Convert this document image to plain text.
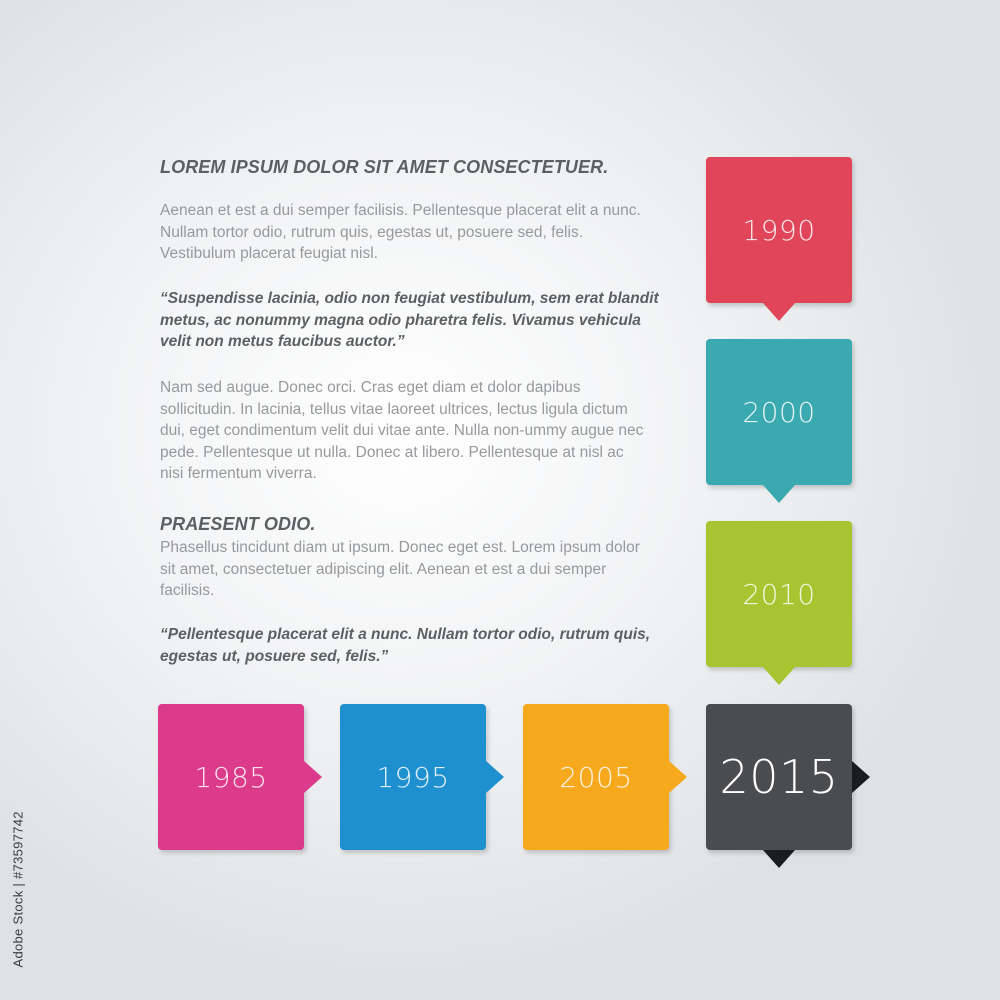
LOREM IPSUM DOLOR SIT AMET CONSECTETUER.
Aenean et est a dui semper facilisis. Pellentesque placerat elit a nunc. Nullam tortor odio, rutrum quis, egestas ut, posuere sed, felis. Vestibulum placerat feugiat nisl.
“Suspendisse lacinia, odio non feugiat vestibulum, sem erat blandit metus, ac nonummy magna odio pharetra felis. Vivamus vehicula velit non metus faucibus auctor.”
Nam sed augue. Donec orci. Cras eget diam et dolor dapibus sollicitudin. In lacinia, tellus vitae laoreet ultrices, lectus ligula dictum dui, eget condimentum velit dui vitae ante. Nulla non-ummy augue nec pede. Pellentesque ut nulla. Donec at libero. Pellentesque at nisl ac nisi fermentum viverra.
PRAESENT ODIO.
Phasellus tincidunt diam ut ipsum. Donec eget est. Lorem ipsum dolor sit amet, consectetuer adipiscing elit. Aenean et est a dui semper facilisis.
“Pellentesque placerat elit a nunc. Nullam tortor odio, rutrum quis, egestas ut, posuere sed, felis.”
1990
2000
2010
1985	1995	2005 2015
Adobe Stock | #73597742
